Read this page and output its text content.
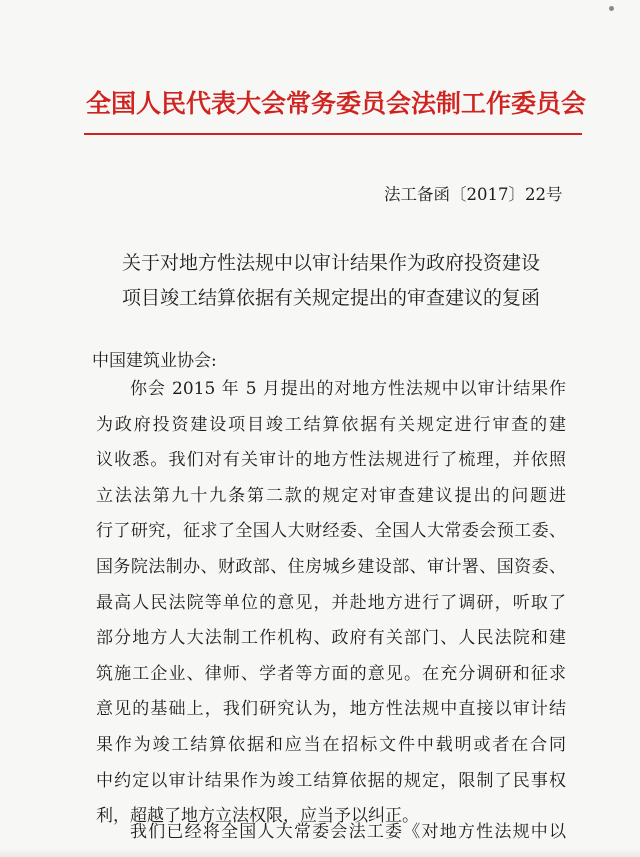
全国人民代表大会常务委员会法制工作委员会
法工备函〔2017〕22号
关于对地方性法规中以审计结果作为政府投资建设
项目竣工结算依据有关规定提出的审查建议的复函
中国建筑业协会:
你会 2015 年 5 月提出的对地方性法规中以审计结果作
为政府投资建设项目竣工结算依据有关规定进行审查的建
议收悉。我们对有关审计的地方性法规进行了梳理，并依照
立法法第九十九条第二款的规定对审查建议提出的问题进
行了研究，征求了全国人大财经委、全国人大常委会预工委、
国务院法制办、财政部、住房城乡建设部、审计署、国资委、
最高人民法院等单位的意见，并赴地方进行了调研，听取了
部分地方人大法制工作机构、政府有关部门、人民法院和建
筑施工企业、律师、学者等方面的意见。在充分调研和征求
意见的基础上，我们研究认为，地方性法规中直接以审计结
果作为竣工结算依据和应当在招标文件中载明或者在合同
中约定以审计结果作为竣工结算依据的规定，限制了民事权
利，超越了地方立法权限，应当予以纠正。
我们已经将全国人大常委会法工委《对地方性法规中以
